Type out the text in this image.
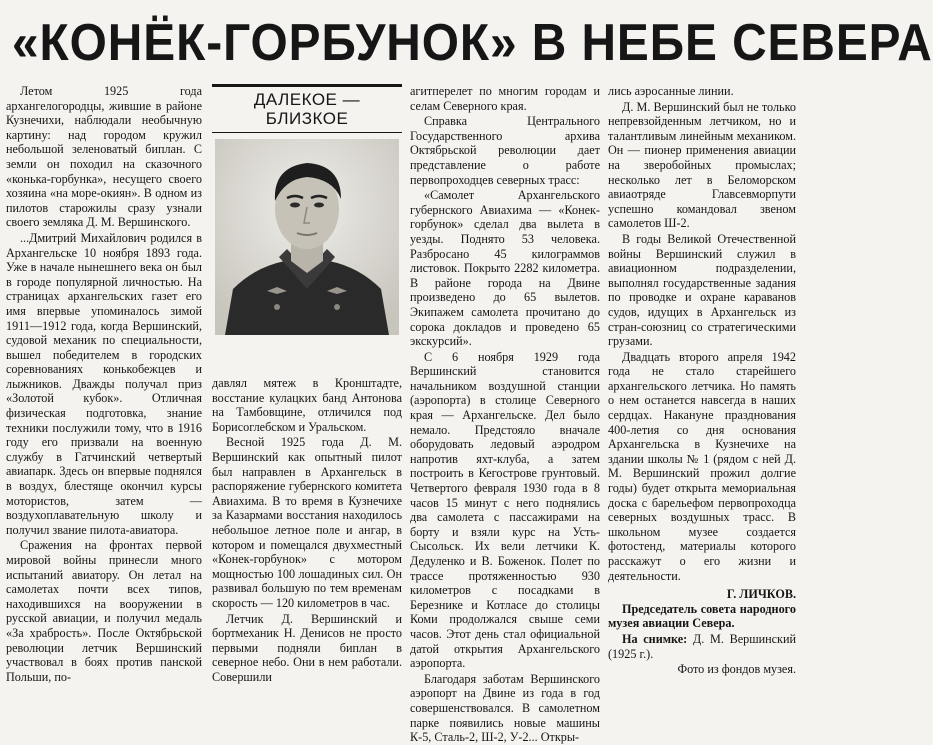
«КОНЁК-ГОРБУНОК» В НЕБЕ СЕВЕРА

Летом 1925 года архангелогородцы, жившие в районе Кузнечихи, наблюдали необычную картину: над городом кружил небольшой зеленоватый биплан. С земли он походил на сказочного «конька-горбунка», несущего своего хозяина «на море-окиян». В одном из пилотов старожилы сразу узнали своего земляка Д. М. Вершинского.

...Дмитрий Михайлович родился в Архангельске 10 ноября 1893 года. Уже в начале нынешнего века он был в городе популярной личностью. На страницах архангельских газет его имя впервые упоминалось зимой 1911—1912 года, когда Вершинский, судовой механик по специальности, вышел победителем в городских соревнованиях конькобежцев и лыжников. Дважды получал приз «Золотой кубок». Отличная физическая подготовка, знание техники послужили тому, что в 1916 году его призвали на военную службу в Гатчинский четвертый авиапарк. Здесь он впервые поднялся в воздух, блестяще окончил курсы мотористов, затем — воздухоплавательную школу и получил звание пилота-авиатора.

Сражения на фронтах первой мировой войны принесли много испытаний авиатору. Он летал на самолетах почти всех типов, находившихся на вооружении в русской авиации, и получил медаль «За храбрость». После Октябрьской революции летчик Вершинский участвовал в боях против панской Польши, по-

ДАЛЕКОЕ — БЛИЗКОЕ

давлял мятеж в Кронштадте, восстание кулацких банд Антонова на Тамбовщине, отличился под Борисоглебском и Уральском.

Весной 1925 года Д. М. Вершинский как опытный пилот был направлен в Архангельск в распоряжение губернского комитета Авиахима. В то время в Кузнечихе за Казармами восстания находилось небольшое летное поле и ангар, в котором и помещался двухместный «Конек-горбунок» с мотором мощностью 100 лошадиных сил. Он развивал большую по тем временам скорость — 120 километров в час.

Летчик Д. Вершинский и бортмеханик Н. Денисов не просто первыми подняли биплан в северное небо. Они в нем работали. Совершили

агитперелет по многим городам и селам Северного края.

Справка Центрального Государственного архива Октябрьской революции дает представление о работе первопроходцев северных трасс:

«Самолет Архангельского губернского Авиахима — «Конек-горбунок» сделал два вылета в уезды. Поднято 53 человека. Разбросано 45 килограммов листовок. Покрыто 2282 километра. В районе города на Двине произведено до 65 вылетов. Экипажем самолета прочитано до сорока докладов и проведено 65 экскурсий».

С 6 ноября 1929 года Вершинский становится начальником воздушной станции (аэропорта) в столице Северного края — Архангельске. Дел было немало. Предстояло вначале оборудовать ледовый аэродром напротив яхт-клуба, а затем построить в Кегострове грунтовый. Четвертого февраля 1930 года в 8 часов 15 минут с него поднялись два самолета с пассажирами на борту и взяли курс на Усть-Сысольск. Их вели летчики К. Дедуленко и В. Боженок. Полет по трассе протяженностью 930 километров с посадками в Березнике и Котласе до столицы Коми продолжался свыше семи часов. Этот день стал официальной датой открытия Архангельского аэропорта.

Благодаря заботам Вершинского аэропорт на Двине из года в год совершенствовался. В самолетном парке появились новые машины К-5, Сталь-2, Ш-2, У-2... Откры-

лись аэросанные линии.

Д. М. Вершинский был не только непревзойденным летчиком, но и талантливым линейным механиком. Он — пионер применения авиации на зверобойных промыслах; несколько лет в Беломорском авиаотряде Главсевморпути успешно командовал звеном самолетов Ш-2.

В годы Великой Отечественной войны Вершинский служил в авиационном подразделении, выполнял государственные задания по проводке и охране караванов судов, идущих в Архангельск из стран-союзниц со стратегическими грузами.

Двадцать второго апреля 1942 года не стало старейшего архангельского летчика. Но память о нем останется навсегда в наших сердцах. Накануне празднования 400-летия со дня основания Архангельска в Кузнечихе на здании школы № 1 (рядом с ней Д. М. Вершинский прожил долгие годы) будет открыта мемориальная доска с барельефом первопроходца северных воздушных трасс. В школьном музее создается фотостенд, материалы которого расскажут о его жизни и деятельности.

Г. ЛИЧКОВ.

Председатель совета народного музея авиации Севера.

На снимке: Д. М. Вершинский (1925 г.).

Фото из фондов музея.
